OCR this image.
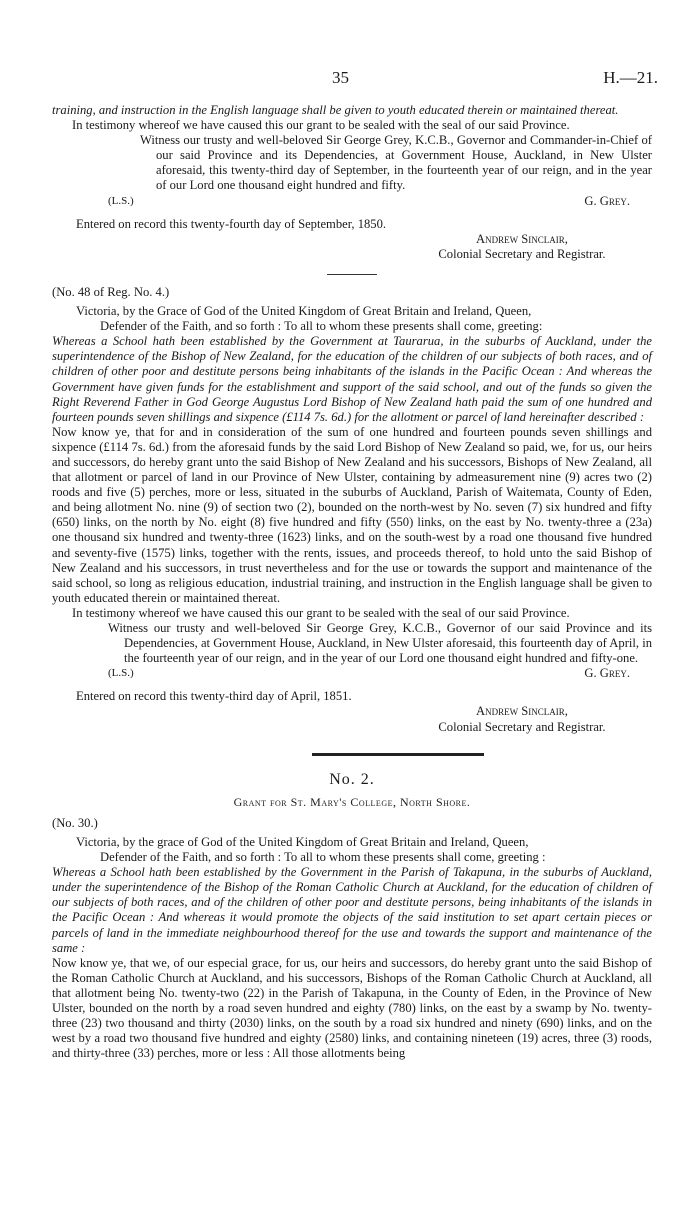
35	H.—21.

training, and instruction in the English language shall be given to youth educated therein or maintained thereat.

In testimony whereof we have caused this our grant to be sealed with the seal of our said Province.

Witness our trusty and well-beloved Sir George Grey, K.C.B., Governor and Commander-in-Chief of our said Province and its Dependencies, at Government House, Auckland, in New Ulster aforesaid, this twenty-third day of September, in the fourteenth year of our reign, and in the year of our Lord one thousand eight hundred and fifty.

(L.S.)	G. Grey.

Entered on record this twenty-fourth day of September, 1850.

Andrew Sinclair,
Colonial Secretary and Registrar.

(No. 48 of Reg. No. 4.)

Victoria, by the Grace of God of the United Kingdom of Great Britain and Ireland, Queen,

Defender of the Faith, and so forth : To all to whom these presents shall come, greeting:

Whereas a School hath been established by the Government at Taurarua, in the suburbs of Auckland, under the superintendence of the Bishop of New Zealand, for the education of the children of our subjects of both races, and of children of other poor and destitute persons being inhabitants of the islands in the Pacific Ocean : And whereas the Government have given funds for the establishment and support of the said school, and out of the funds so given the Right Reverend Father in God George Augustus Lord Bishop of New Zealand hath paid the sum of one hundred and fourteen pounds seven shillings and sixpence (£114 7s. 6d.) for the allotment or parcel of land hereinafter described :

Now know ye, that for and in consideration of the sum of one hundred and fourteen pounds seven shillings and sixpence (£114 7s. 6d.) from the aforesaid funds by the said Lord Bishop of New Zealand so paid, we, for us, our heirs and successors, do hereby grant unto the said Bishop of New Zealand and his successors, Bishops of New Zealand, all that allotment or parcel of land in our Province of New Ulster, containing by admeasurement nine (9) acres two (2) roods and five (5) perches, more or less, situated in the suburbs of Auckland, Parish of Waitemata, County of Eden, and being allotment No. nine (9) of section two (2), bounded on the north-west by No. seven (7) six hundred and fifty (650) links, on the north by No. eight (8) five hundred and fifty (550) links, on the east by No. twenty-three a (23a) one thousand six hundred and twenty-three (1623) links, and on the south-west by a road one thousand five hundred and seventy-five (1575) links, together with the rents, issues, and proceeds thereof, to hold unto the said Bishop of New Zealand and his successors, in trust nevertheless and for the use or towards the support and maintenance of the said school, so long as religious education, industrial training, and instruction in the English language shall be given to youth educated therein or maintained thereat.

In testimony whereof we have caused this our grant to be sealed with the seal of our said Province.

Witness our trusty and well-beloved Sir George Grey, K.C.B., Governor of our said Province and its Dependencies, at Government House, Auckland, in New Ulster aforesaid, this fourteenth day of April, in the fourteenth year of our reign, and in the year of our Lord one thousand eight hundred and fifty-one.

(L.S.)	G. Grey.

Entered on record this twenty-third day of April, 1851.

Andrew Sinclair,
Colonial Secretary and Registrar.

No. 2.

Grant for St. Mary's College, North Shore.

(No. 30.)

Victoria, by the grace of God of the United Kingdom of Great Britain and Ireland, Queen,

Defender of the Faith, and so forth : To all to whom these presents shall come, greeting :

Whereas a School hath been established by the Government in the Parish of Takapuna, in the suburbs of Auckland, under the superintendence of the Bishop of the Roman Catholic Church at Auckland, for the education of children of our subjects of both races, and of the children of other poor and destitute persons, being inhabitants of the islands in the Pacific Ocean : And whereas it would promote the objects of the said institution to set apart certain pieces or parcels of land in the immediate neighbourhood thereof for the use and towards the support and maintenance of the same :

Now know ye, that we, of our especial grace, for us, our heirs and successors, do hereby grant unto the said Bishop of the Roman Catholic Church at Auckland, and his successors, Bishops of the Roman Catholic Church at Auckland, all that allotment being No. twenty-two (22) in the Parish of Takapuna, in the County of Eden, in the Province of New Ulster, bounded on the north by a road seven hundred and eighty (780) links, on the east by a swamp by No. twenty-three (23) two thousand and thirty (2030) links, on the south by a road six hundred and ninety (690) links, and on the west by a road two thousand five hundred and eighty (2580) links, and containing nineteen (19) acres, three (3) roods, and thirty-three (33) perches, more or less : All those allotments being
